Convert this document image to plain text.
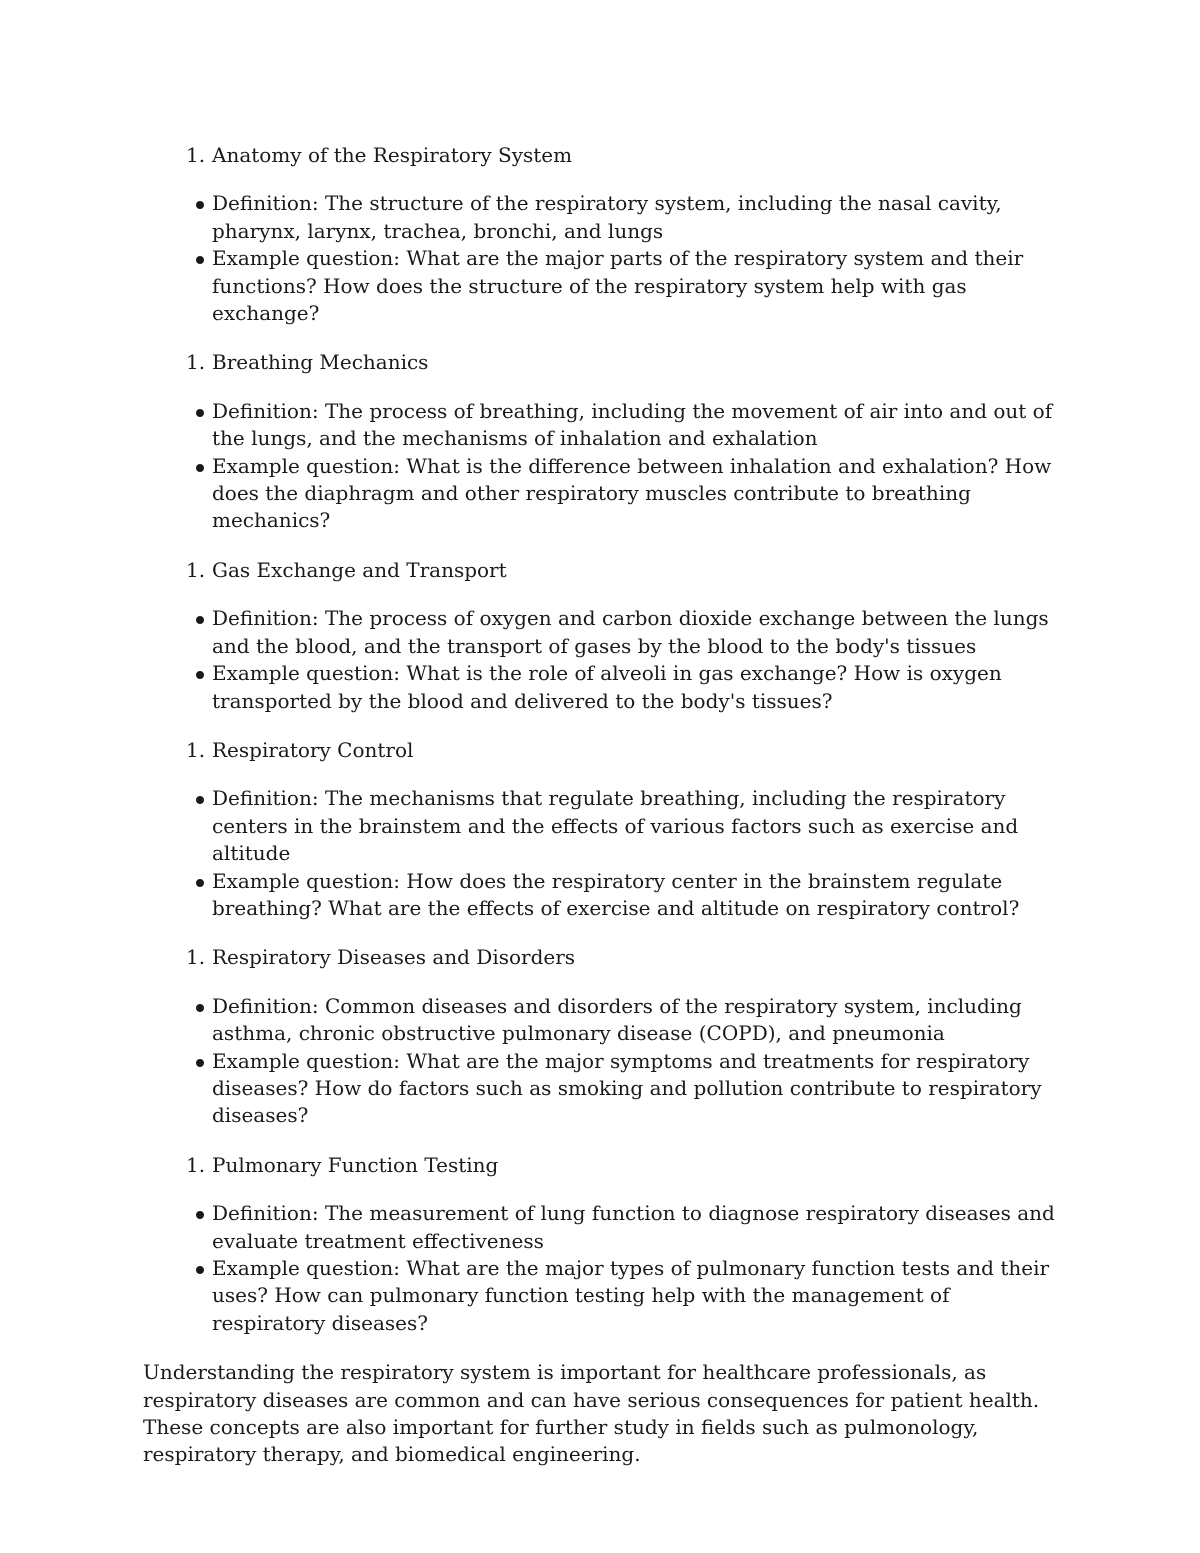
1. Anatomy of the Respiratory System
Definition: The structure of the respiratory system, including the nasal cavity, pharynx, larynx, trachea, bronchi, and lungs
Example question: What are the major parts of the respiratory system and their functions? How does the structure of the respiratory system help with gas exchange?
1. Breathing Mechanics
Definition: The process of breathing, including the movement of air into and out of the lungs, and the mechanisms of inhalation and exhalation
Example question: What is the difference between inhalation and exhalation? How does the diaphragm and other respiratory muscles contribute to breathing mechanics?
1. Gas Exchange and Transport
Definition: The process of oxygen and carbon dioxide exchange between the lungs and the blood, and the transport of gases by the blood to the body's tissues
Example question: What is the role of alveoli in gas exchange? How is oxygen transported by the blood and delivered to the body's tissues?
1. Respiratory Control
Definition: The mechanisms that regulate breathing, including the respiratory centers in the brainstem and the effects of various factors such as exercise and altitude
Example question: How does the respiratory center in the brainstem regulate breathing? What are the effects of exercise and altitude on respiratory control?
1. Respiratory Diseases and Disorders
Definition: Common diseases and disorders of the respiratory system, including asthma, chronic obstructive pulmonary disease (COPD), and pneumonia
Example question: What are the major symptoms and treatments for respiratory diseases? How do factors such as smoking and pollution contribute to respiratory diseases?
1. Pulmonary Function Testing
Definition: The measurement of lung function to diagnose respiratory diseases and evaluate treatment effectiveness
Example question: What are the major types of pulmonary function tests and their uses? How can pulmonary function testing help with the management of respiratory diseases?

Understanding the respiratory system is important for healthcare professionals, as respiratory diseases are common and can have serious consequences for patient health. These concepts are also important for further study in fields such as pulmonology, respiratory therapy, and biomedical engineering.
